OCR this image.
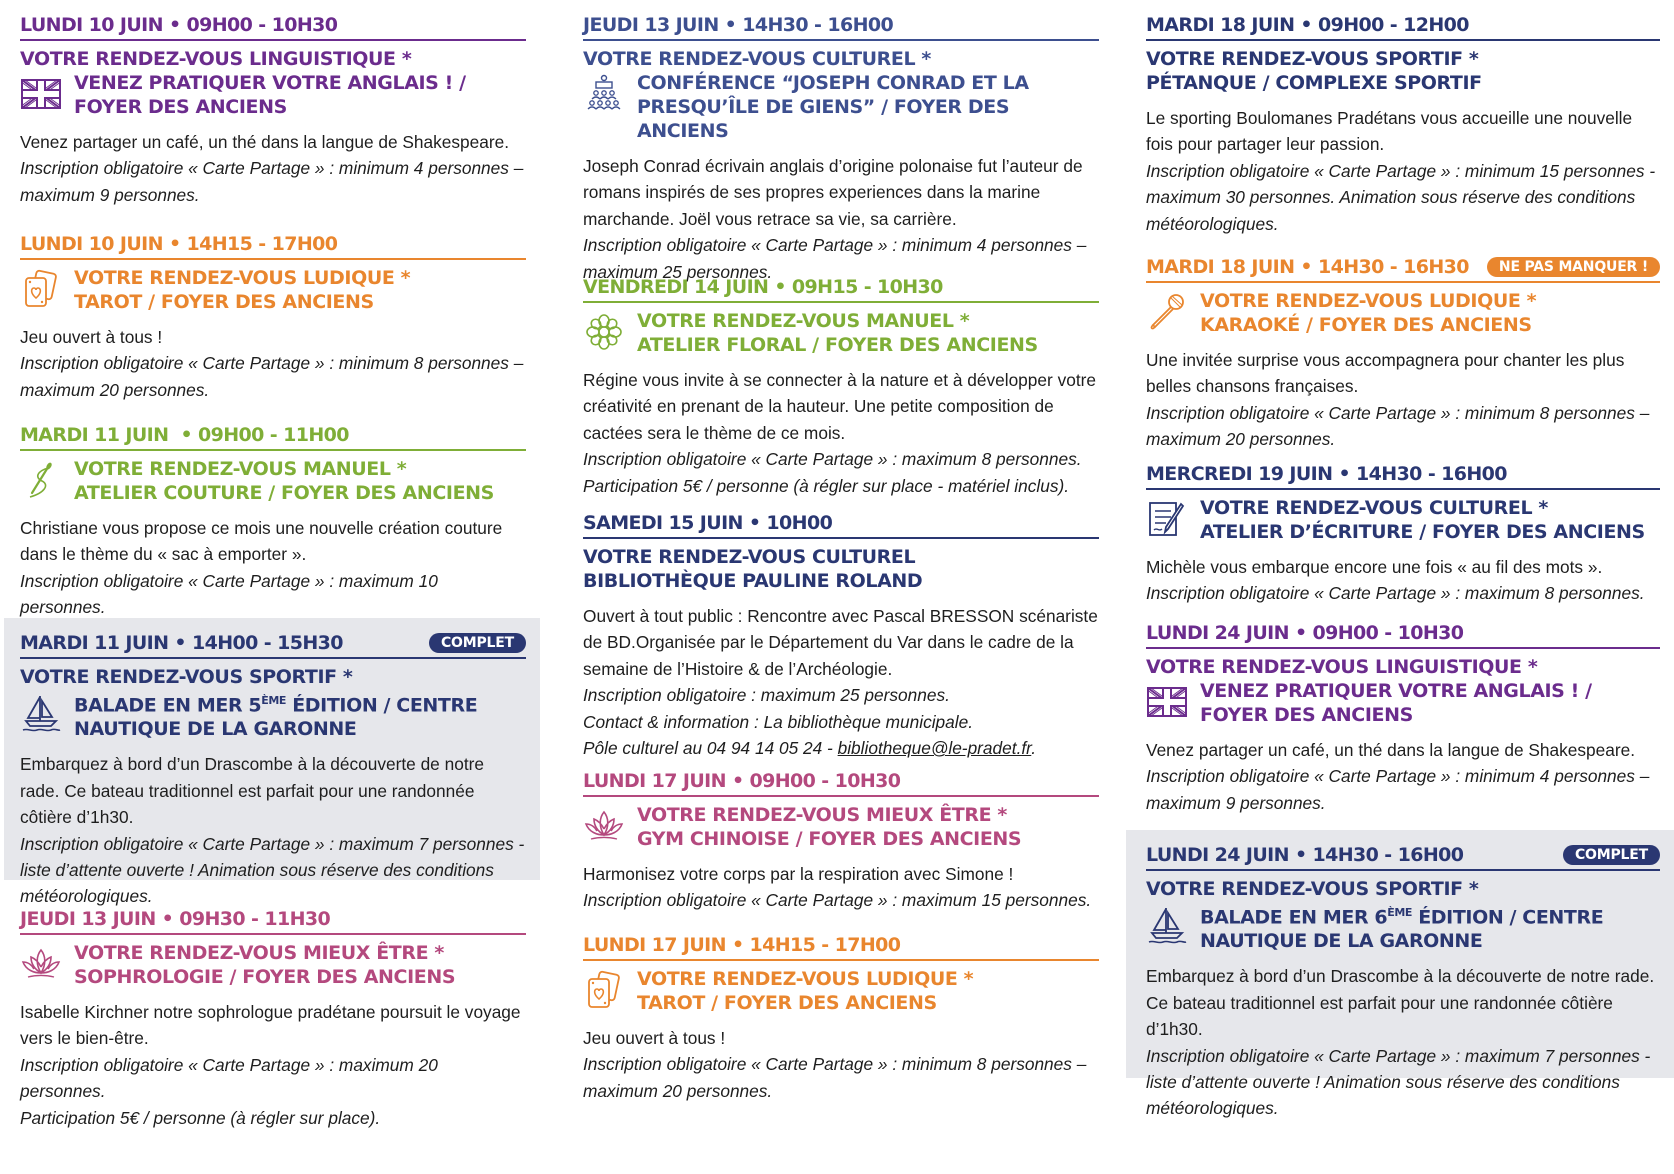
LUNDI 10 JUIN • 09H00 - 10H30
VOTRE RENDEZ-VOUS LINGUISTIQUE *
VENEZ PRATIQUER VOTRE ANGLAIS ! / FOYER DES ANCIENS
Venez partager un café, un thé dans la langue de Shakespeare.
Inscription obligatoire « Carte Partage » : minimum 4 personnes – maximum 9 personnes.
LUNDI 10 JUIN • 14H15 - 17H00
VOTRE RENDEZ-VOUS LUDIQUE *
TAROT / FOYER DES ANCIENS
Jeu ouvert à tous !
Inscription obligatoire « Carte Partage » : minimum 8 personnes – maximum 20 personnes.
MARDI 11 JUIN  • 09H00 - 11H00
VOTRE RENDEZ-VOUS MANUEL *
ATELIER COUTURE / FOYER DES ANCIENS
Christiane vous propose ce mois une nouvelle création couture dans le thème du « sac à emporter ».
Inscription obligatoire « Carte Partage » : maximum 10 personnes.
MARDI 11 JUIN • 14H00 - 15H30	COMPLET
VOTRE RENDEZ-VOUS SPORTIF *
BALADE EN MER 5ÈME ÉDITION / CENTRE NAUTIQUE DE LA GARONNE
Embarquez à bord d’un Drascombe à la découverte de notre rade. Ce bateau traditionnel est parfait pour une randonnée côtière d’1h30.
Inscription obligatoire « Carte Partage » : maximum 7 personnes - liste d’attente ouverte ! Animation sous réserve des conditions météorologiques.
JEUDI 13 JUIN • 09H30 - 11H30
VOTRE RENDEZ-VOUS MIEUX ÊTRE *
SOPHROLOGIE / FOYER DES ANCIENS
Isabelle Kirchner notre sophrologue pradétane poursuit le voyage vers le bien-être.
Inscription obligatoire « Carte Partage » : maximum 20 personnes.
Participation 5€ / personne (à régler sur place).
JEUDI 13 JUIN • 14H30 - 16H00
VOTRE RENDEZ-VOUS CULTUREL *
CONFÉRENCE “JOSEPH CONRAD ET LA PRESQU’ÎLE DE GIENS” / FOYER DES ANCIENS
Joseph Conrad écrivain anglais d’origine polonaise fut l’auteur de romans inspirés de ses propres experiences dans la marine marchande. Joël vous retrace sa vie, sa carrière.
Inscription obligatoire « Carte Partage » : minimum 4 personnes – maximum 25 personnes.
VENDREDI 14 JUIN • 09H15 - 10H30
VOTRE RENDEZ-VOUS MANUEL *
ATELIER FLORAL / FOYER DES ANCIENS
Régine vous invite à se connecter à la nature et à développer votre créativité en prenant de la hauteur. Une petite composition de cactées sera le thème de ce mois.
Inscription obligatoire « Carte Partage » : maximum 8 personnes.
Participation 5€ / personne (à régler sur place - matériel inclus).
SAMEDI 15 JUIN • 10H00
VOTRE RENDEZ-VOUS CULTUREL
BIBLIOTHÈQUE PAULINE ROLAND
Ouvert à tout public : Rencontre avec Pascal BRESSON scénariste de BD.Organisée par le Département du Var dans le cadre de la semaine de l’Histoire & de l’Archéologie.
Inscription obligatoire : maximum 25 personnes.
Contact & information : La bibliothèque municipale.
Pôle culturel au 04 94 14 05 24 - bibliotheque@le-pradet.fr.
LUNDI 17 JUIN • 09H00 - 10H30
VOTRE RENDEZ-VOUS MIEUX ÊTRE *
GYM CHINOISE / FOYER DES ANCIENS
Harmonisez votre corps par la respiration avec Simone !
Inscription obligatoire « Carte Partage » : maximum 15 personnes.
LUNDI 17 JUIN • 14H15 - 17H00
VOTRE RENDEZ-VOUS LUDIQUE *
TAROT / FOYER DES ANCIENS
Jeu ouvert à tous !
Inscription obligatoire « Carte Partage » : minimum 8 personnes – maximum 20 personnes.
MARDI 18 JUIN • 09H00 - 12H00
VOTRE RENDEZ-VOUS SPORTIF *
PÉTANQUE / COMPLEXE SPORTIF
Le sporting Boulomanes Pradétans vous accueille une nouvelle fois pour partager leur passion.
Inscription obligatoire « Carte Partage » : minimum 15 personnes - maximum 30 personnes. Animation sous réserve des conditions météorologiques.
MARDI 18 JUIN • 14H30 - 16H30	NE PAS MANQUER !
VOTRE RENDEZ-VOUS LUDIQUE *
KARAOKÉ / FOYER DES ANCIENS
Une invitée surprise vous accompagnera pour chanter les plus belles chansons françaises.
Inscription obligatoire « Carte Partage » : minimum 8 personnes – maximum 20 personnes.
MERCREDI 19 JUIN • 14H30 - 16H00
VOTRE RENDEZ-VOUS CULTUREL *
ATELIER D’ÉCRITURE / FOYER DES ANCIENS
Michèle vous embarque encore une fois « au fil des mots ».
Inscription obligatoire « Carte Partage » : maximum 8 personnes.
LUNDI 24 JUIN • 09H00 - 10H30
VOTRE RENDEZ-VOUS LINGUISTIQUE *
VENEZ PRATIQUER VOTRE ANGLAIS ! / FOYER DES ANCIENS
Venez partager un café, un thé dans la langue de Shakespeare.
Inscription obligatoire « Carte Partage » : minimum 4 personnes – maximum 9 personnes.
LUNDI 24 JUIN • 14H30 - 16H00	COMPLET
VOTRE RENDEZ-VOUS SPORTIF *
BALADE EN MER 6ÈME ÉDITION / CENTRE NAUTIQUE DE LA GARONNE
Embarquez à bord d’un Drascombe à la découverte de notre rade. Ce bateau traditionnel est parfait pour une randonnée côtière d’1h30.
Inscription obligatoire « Carte Partage » : maximum 7 personnes - liste d’attente ouverte ! Animation sous réserve des conditions météorologiques.
